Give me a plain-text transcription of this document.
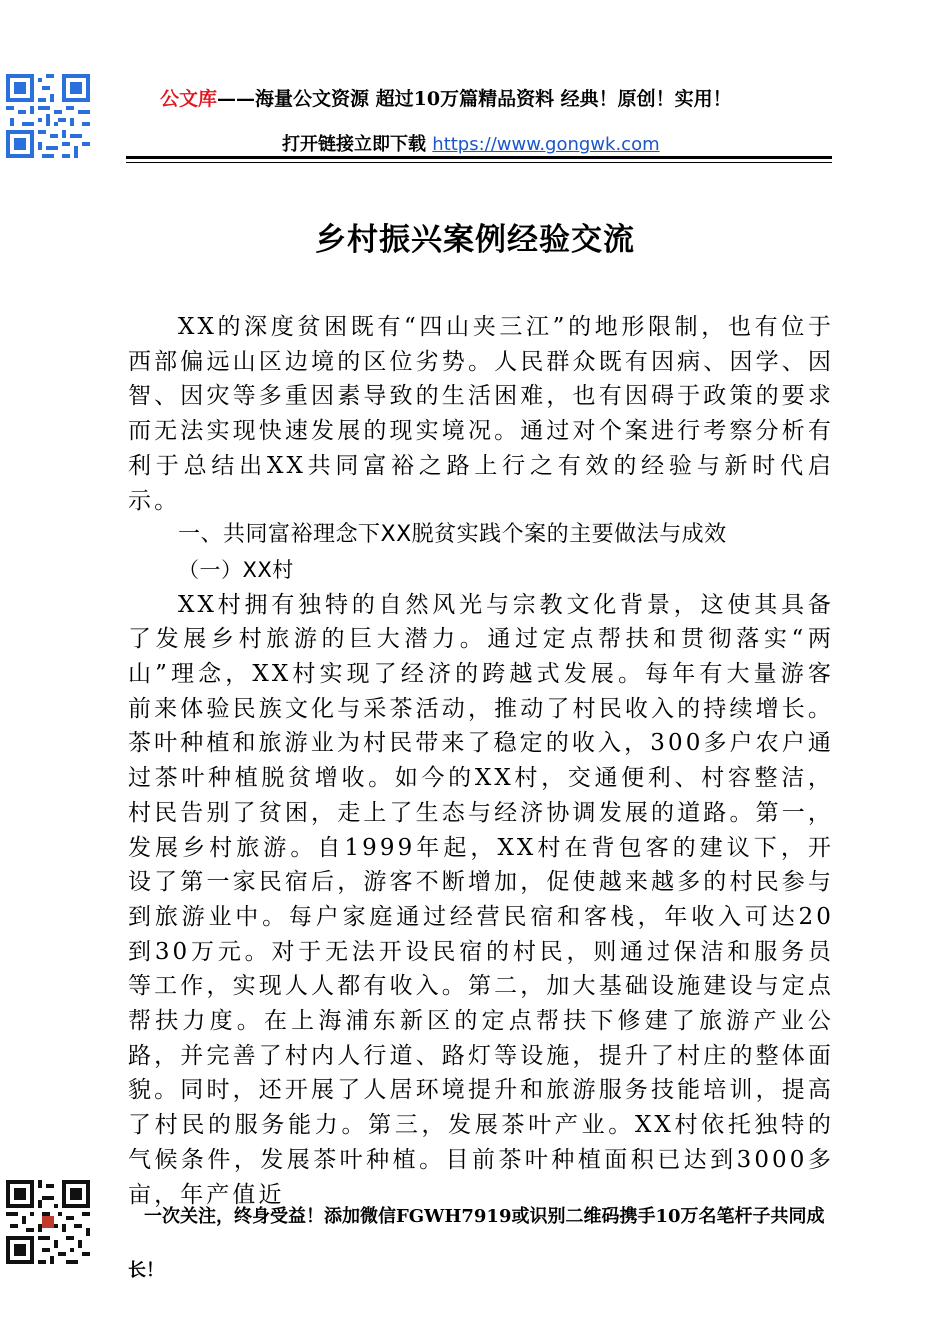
公文库——海量公文资源 超过10万篇精品资料 经典！原创！实用！
打开链接立即下载 https://www.gongwk.com
乡村振兴案例经验交流

XX的深度贫困既有“四山夹三江”的地形限制，也有位于西部偏远山区边境的区位劣势。人民群众既有因病、因学、因智、因灾等多重因素导致的生活困难，也有因碍于政策的要求而无法实现快速发展的现实境况。通过对个案进行考察分析有利于总结出XX共同富裕之路上行之有效的经验与新时代启示。

一、共同富裕理念下XX脱贫实践个案的主要做法与成效

（一）XX村

XX村拥有独特的自然风光与宗教文化背景，这使其具备了发展乡村旅游的巨大潜力。通过定点帮扶和贯彻落实“两山”理念，XX村实现了经济的跨越式发展。每年有大量游客前来体验民族文化与采茶活动，推动了村民收入的持续增长。茶叶种植和旅游业为村民带来了稳定的收入，300多户农户通过茶叶种植脱贫增收。如今的XX村，交通便利、村容整洁，村民告别了贫困，走上了生态与经济协调发展的道路。第一，发展乡村旅游。自1999年起，XX村在背包客的建议下，开设了第一家民宿后，游客不断增加，促使越来越多的村民参与到旅游业中。每户家庭通过经营民宿和客栈，年收入可达20到30万元。对于无法开设民宿的村民，则通过保洁和服务员等工作，实现人人都有收入。第二，加大基础设施建设与定点帮扶力度。在上海浦东新区的定点帮扶下修建了旅游产业公路，并完善了村内人行道、路灯等设施，提升了村庄的整体面貌。同时，还开展了人居环境提升和旅游服务技能培训，提高了村民的服务能力。第三，发展茶叶产业。XX村依托独特的气候条件，发展茶叶种植。目前茶叶种植面积已达到3000多亩，年产值近

一次关注，终身受益！添加微信FGWH7919或识别二维码携手10万名笔杆子共同成长！
